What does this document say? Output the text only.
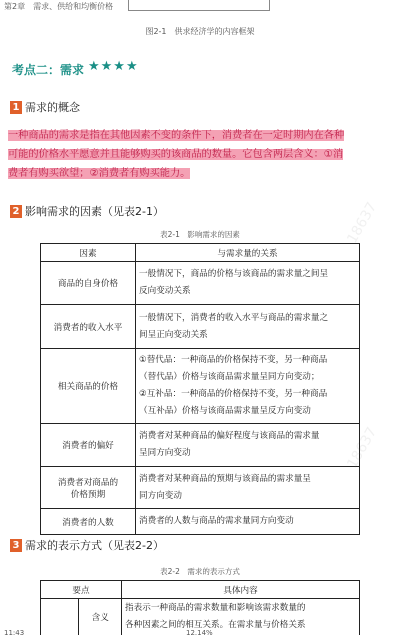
第2章　需求、供给和均衡价格
图2-1　供求经济学的内容框架
考点二：需求 ★★★★
1 需求的概念
一种商品的需求是指在其他因素不变的条件下，消费者在一定时期内在各种
可能的价格水平愿意并且能够购买的该商品的数量。它包含两层含义：①消
费者有购买欲望；②消费者有购买能力。
2 影响需求的因素（见表2-1）
表2-1　影响需求的因素
因素	与需求量的关系
商品的自身价格	一般情况下，商品的价格与该商品的需求量之间呈
反向变动关系
消费者的收入水平	一般情况下，消费者的收入水平与商品的需求量之
间呈正向变动关系
相关商品的价格	①替代品：一种商品的价格保持不变，另一种商品
（替代品）价格与该商品需求量呈同方向变动；
②互补品：一种商品的价格保持不变，另一种商品
（互补品）价格与该商品需求量呈反方向变动
消费者的偏好	消费者对某种商品的偏好程度与该商品的需求量
呈同方向变动
消费者对商品的
价格预期	消费者对某种商品的预期与该商品的需求量呈
同方向变动
消费者的人数	消费者的人数与商品的需求量同方向变动
3 需求的表示方式（见表2-2）
表2-2　需求的表示方式
要点		具体内容
	含义	指表示一种商品的需求数量和影响该需求数量的
各种因素之间的相互关系。在需求量与价格关系
18637
18637
11:43	12.14%
